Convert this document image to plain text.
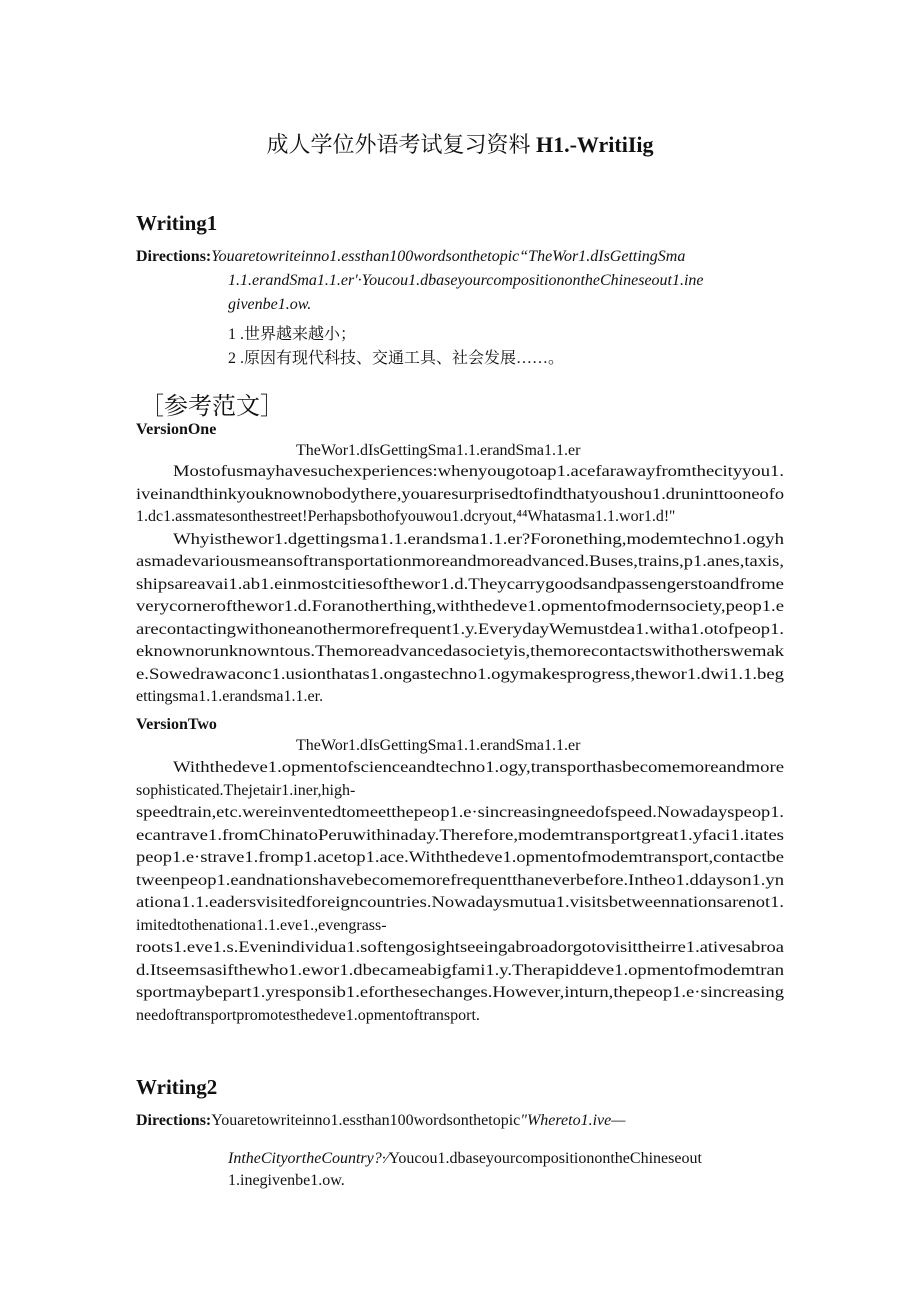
成人学位外语考试复习资料 H1.-WritiIig
Writing1
Directions:Youaretowriteinno1.essthan100wordsonthetopic“TheWor1.dIsGettingSma
1.1.erandSma1.1.er'·Youcou1.dbaseyourcompositionontheChineseout1.ine
givenbe1.ow.
1 .世界越来越小；
2 .原因有现代科技、交通工具、社会发展……。
［参考范文］
VersionOne
TheWor1.dIsGettingSma1.1.erandSma1.1.er
Mostofusmayhavesuchexperiences:whenyougotoap1.acefarawayfromthecityyou1.
iveinandthinkyouknownobodythere,youaresurprisedtofindthatyoushou1.druninttooneofo
1.dc1.assmatesonthestreet!Perhapsbothofyouwou1.dcryout,⁴⁴Whatasma1.1.wor1.d!''
Whyisthewor1.dgettingsma1.1.erandsma1.1.er?Foronething,modemtechno1.ogyh
asmadevariousmeansoftransportationmoreandmoreadvanced.Buses,trains,p1.anes,taxis,
shipsareavai1.ab1.einmostcitiesofthewor1.d.Theycarrygoodsandpassengerstoandfrome
verycornerofthewor1.d.Foranotherthing,withthedeve1.opmentofmodernsociety,peop1.e
arecontactingwithoneanothermorefrequent1.y.EverydayWemustdea1.witha1.otofpeop1.
eknownorunknowntous.Themoreadvancedasocietyis,themorecontactswithotherswemak
e.Sowedrawaconc1.usionthatas1.ongastechno1.ogymakesprogress,thewor1.dwi1.1.beg
ettingsma1.1.erandsma1.1.er.
VersionTwo
TheWor1.dIsGettingSma1.1.erandSma1.1.er
Withthedeve1.opmentofscienceandtechno1.ogy,transporthasbecomemoreandmore
sophisticated.Thejetair1.iner,high-
speedtrain,etc.wereinventedtomeetthepeop1.e·sincreasingneedofspeed.Nowadayspeop1.
ecantrave1.fromChinatoPeruwithinaday.Therefore,modemtransportgreat1.yfaci1.itates
peop1.e·strave1.fromp1.acetop1.ace.Withthedeve1.opmentofmodemtransport,contactbe
tweenpeop1.eandnationshavebecomemorefrequentthaneverbefore.Intheo1.ddayson1.yn
ationa1.1.eadersvisitedforeigncountries.Nowadaysmutua1.visitsbetweennationsarenot1.
imitedtothenationa1.1.eve1.,evengrass-
roots1.eve1.s.Evenindividua1.softengosightseeingabroadorgotovisittheirre1.ativesabroa
d.Itseemsasifthewho1.ewor1.dbecameabigfami1.y.Therapiddeve1.opmentofmodemtran
sportmaybepart1.yresponsib1.eforthesechanges.However,inturn,thepeop1.e·sincreasing
needoftransportpromotesthedeve1.opmentoftransport.
Writing2
Directions:Youaretowriteinno1.essthan100wordsonthetopic"Whereto1.ive—
IntheCityortheCountry?·∕Youcou1.dbaseyourcompositionontheChineseout
1.inegivenbe1.ow.
